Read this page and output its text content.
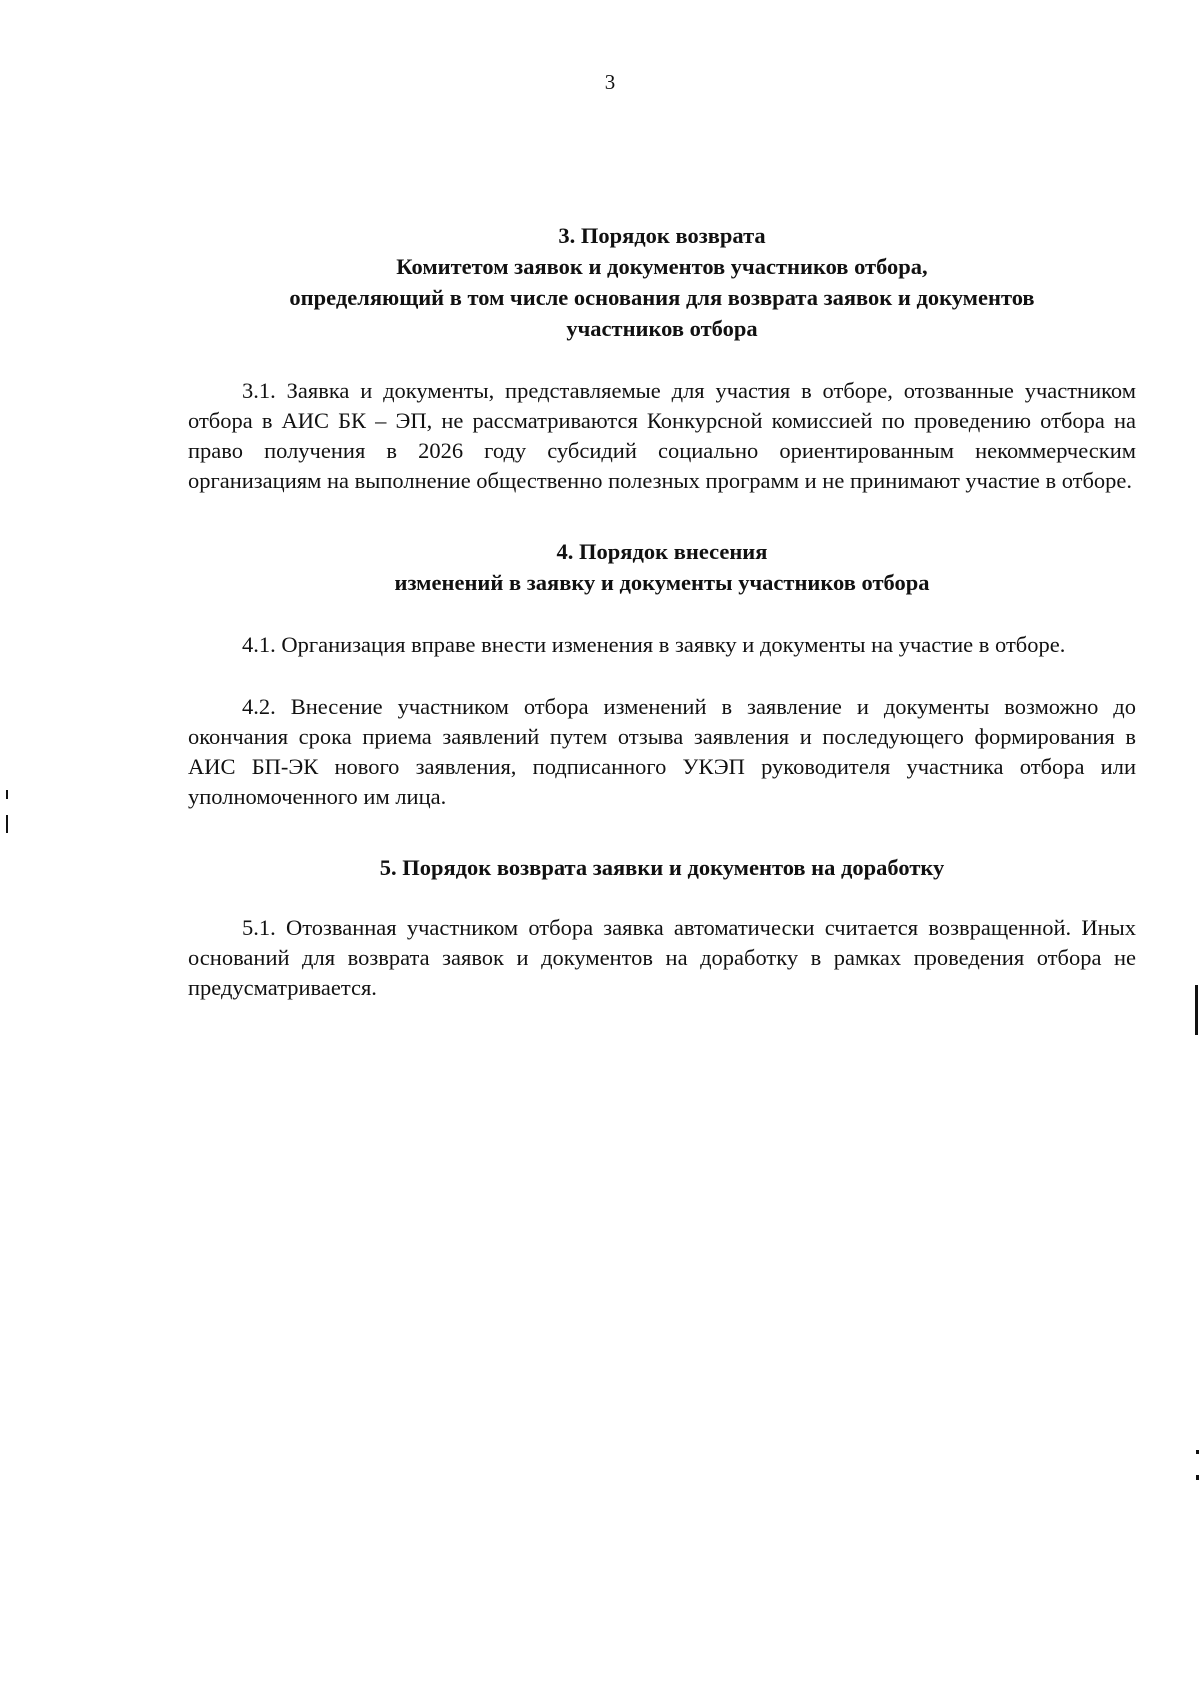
3
3. Порядок возврата
Комитетом заявок и документов участников отбора,
определяющий в том числе основания для возврата заявок и документов
участников отбора

3.1. Заявка и документы, представляемые для участия в отборе, отозванные участником отбора в АИС БК – ЭП, не рассматриваются Конкурсной комиссией по проведению отбора на право получения в 2026 году субсидий социально ориентированным некоммерческим организациям на выполнение общественно полезных программ и не принимают участие в отборе.

4. Порядок внесения
изменений в заявку и документы участников отбора

4.1. Организация вправе внести изменения в заявку и документы на участие в отборе.

4.2. Внесение участником отбора изменений в заявление и документы возможно до окончания срока приема заявлений путем отзыва заявления и последующего формирования в АИС БП-ЭК нового заявления, подписанного УКЭП руководителя участника отбора или уполномоченного им лица.

5. Порядок возврата заявки и документов на доработку

5.1. Отозванная участником отбора заявка автоматически считается возвращенной. Иных оснований для возврата заявок и документов на доработку в рамках проведения отбора не предусматривается.
